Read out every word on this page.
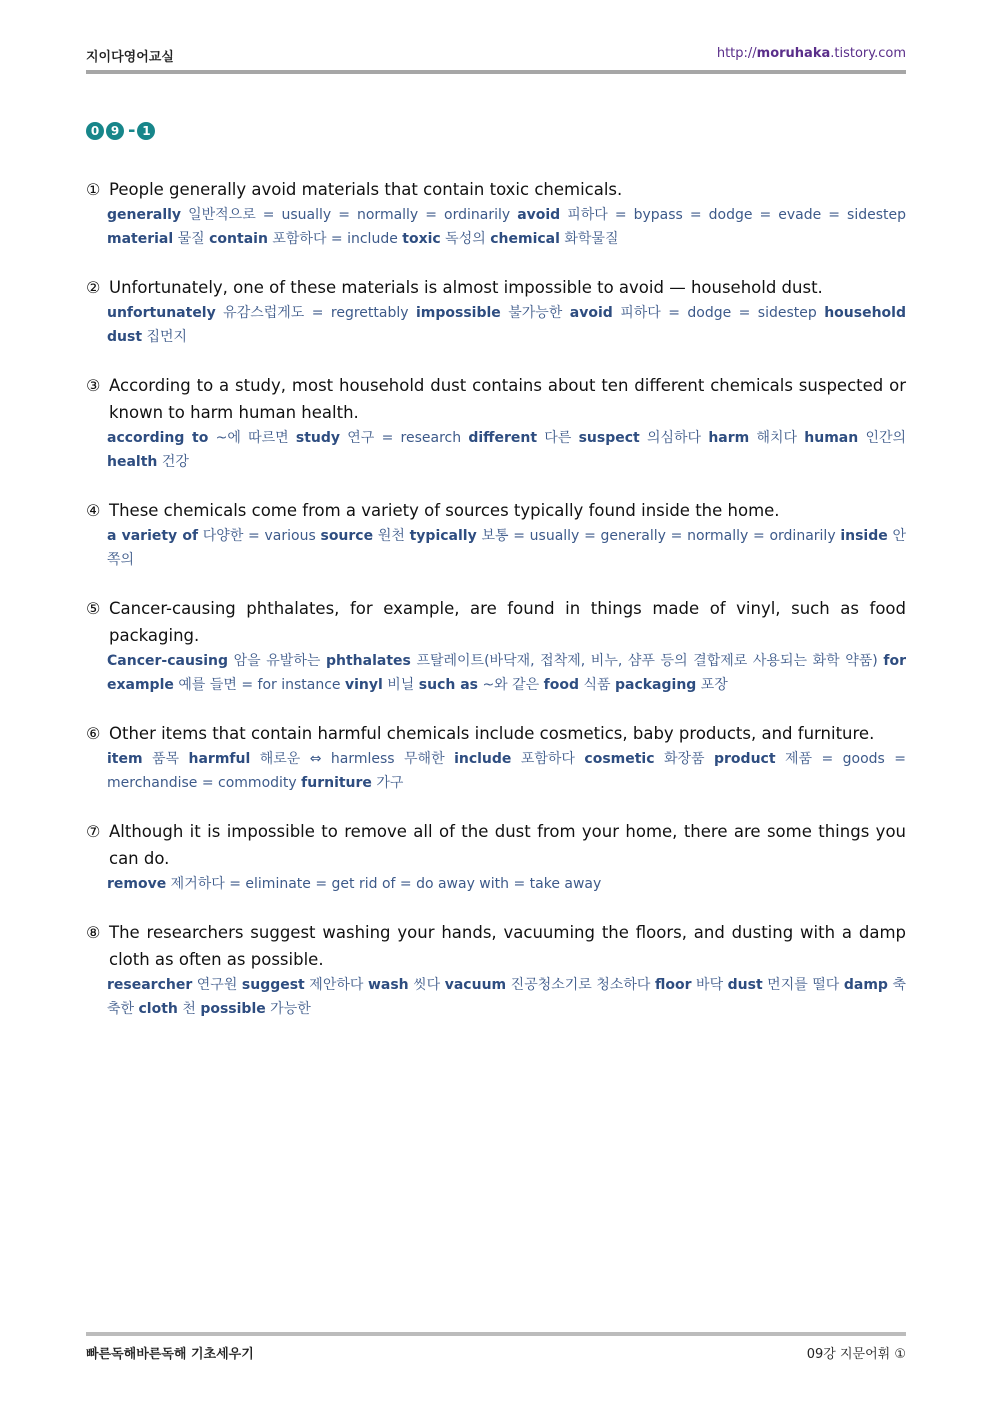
지이다영어교실	http://moruhaka.tistory.com
0 9 - 1
① People generally avoid materials that contain toxic chemicals.
generally 일반적으로 = usually = normally = ordinarily avoid 피하다 = bypass = dodge = evade = sidestep material 물질 contain 포함하다 = include toxic 독성의 chemical 화학물질
② Unfortunately, one of these materials is almost impossible to avoid — household dust.
unfortunately 유감스럽게도 = regrettably impossible 불가능한 avoid 피하다 = dodge = sidestep household dust 집먼지
③ According to a study, most household dust contains about ten different chemicals suspected or known to harm human health.
according to ~에 따르면 study 연구 = research different 다른 suspect 의심하다 harm 해치다 human 인간의 health 건강
④ These chemicals come from a variety of sources typically found inside the home.
a variety of 다양한 = various source 원천 typically 보통 = usually = generally = normally = ordinarily inside 안쪽의
⑤ Cancer-causing phthalates, for example, are found in things made of vinyl, such as food packaging.
Cancer-causing 암을 유발하는 phthalates 프탈레이트(바닥재, 접착제, 비누, 샴푸 등의 결합제로 사용되는 화학 약품) for example 예를 들면 = for instance vinyl 비닐 such as ~와 같은 food 식품 packaging 포장
⑥ Other items that contain harmful chemicals include cosmetics, baby products, and furniture.
item 품목 harmful 해로운 ⇔ harmless 무해한 include 포함하다 cosmetic 화장품 product 제품 = goods = merchandise = commodity furniture 가구
⑦ Although it is impossible to remove all of the dust from your home, there are some things you can do.
remove 제거하다 = eliminate = get rid of = do away with = take away
⑧ The researchers suggest washing your hands, vacuuming the floors, and dusting with a damp cloth as often as possible.
researcher 연구원 suggest 제안하다 wash 씻다 vacuum 진공청소기로 청소하다 floor 바닥 dust 먼지를 떨다 damp 축축한 cloth 천 possible 가능한
빠른독해바른독해 기초세우기	09강 지문어휘 ①
